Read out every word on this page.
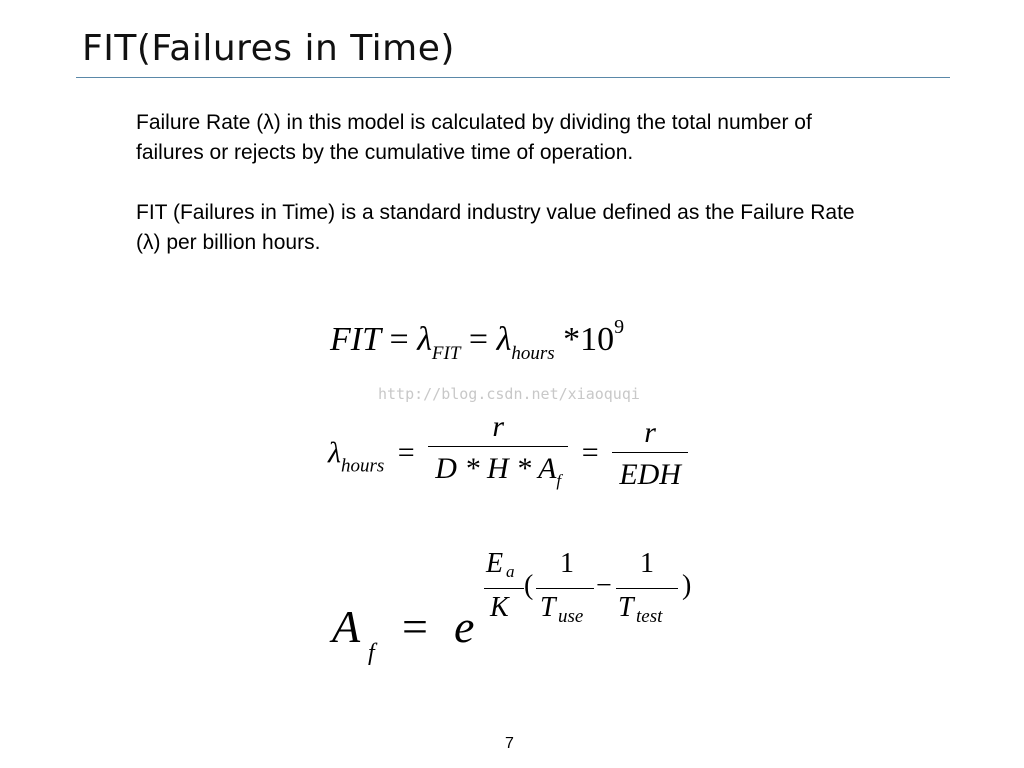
FIT(Failures in Time)
Failure Rate (λ) in this model is calculated by dividing the total number of failures or rejects by the cumulative time of operation.
FIT (Failures in Time) is a standard industry value defined as the Failure Rate (λ) per billion hours.
FIT = $\lambda_{FIT} = \lambda_{hours}$ $*10^9$
http://blog.csdn.net/xiaoquqi
$\lambda_{hours} = \frac{r}{D * H * A_f} = \frac{r}{\text{EDH}}$
A
f
= e
E a
K
(
1
T use
−
1
T test
)
7
